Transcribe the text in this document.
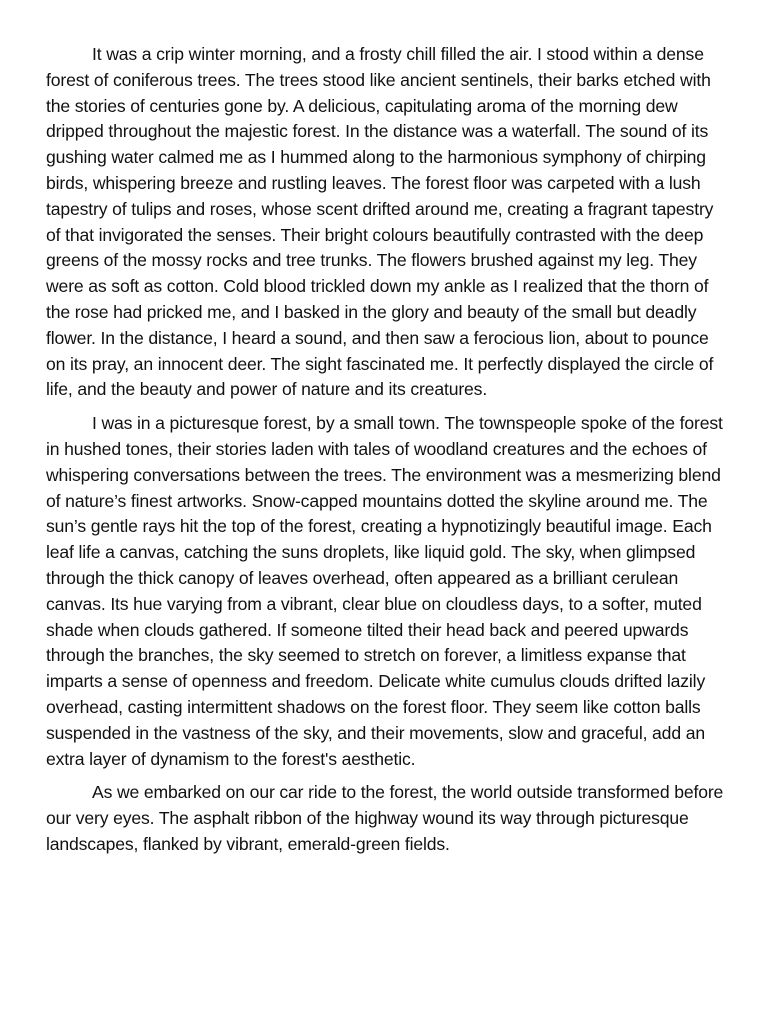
It was a crip winter morning, and a frosty chill filled the air. I stood within a dense forest of coniferous trees. The trees stood like ancient sentinels, their barks etched with the stories of centuries gone by. A delicious, capitulating aroma of the morning dew dripped throughout the majestic forest. In the distance was a waterfall. The sound of its gushing water calmed me as I hummed along to the harmonious symphony of chirping birds, whispering breeze and rustling leaves. The forest floor was carpeted with a lush tapestry of tulips and roses, whose scent drifted around me, creating a fragrant tapestry of that invigorated the senses. Their bright colours beautifully contrasted with the deep greens of the mossy rocks and tree trunks. The flowers brushed against my leg. They were as soft as cotton. Cold blood trickled down my ankle as I realized that the thorn of the rose had pricked me, and I basked in the glory and beauty of the small but deadly flower. In the distance, I heard a sound, and then saw a ferocious lion, about to pounce on its pray, an innocent deer. The sight fascinated me. It perfectly displayed the circle of life, and the beauty and power of nature and its creatures.

I was in a picturesque forest, by a small town. The townspeople spoke of the forest in hushed tones, their stories laden with tales of woodland creatures and the echoes of whispering conversations between the trees. The environment was a mesmerizing blend of nature’s finest artworks. Snow-capped mountains dotted the skyline around me. The sun’s gentle rays hit the top of the forest, creating a hypnotizingly beautiful image. Each leaf life a canvas, catching the suns droplets, like liquid gold. The sky, when glimpsed through the thick canopy of leaves overhead, often appeared as a brilliant cerulean canvas. Its hue varying from a vibrant, clear blue on cloudless days, to a softer, muted shade when clouds gathered. If someone tilted their head back and peered upwards through the branches, the sky seemed to stretch on forever, a limitless expanse that imparts a sense of openness and freedom. Delicate white cumulus clouds drifted lazily overhead, casting intermittent shadows on the forest floor. They seem like cotton balls suspended in the vastness of the sky, and their movements, slow and graceful, add an extra layer of dynamism to the forest's aesthetic.

As we embarked on our car ride to the forest, the world outside transformed before our very eyes. The asphalt ribbon of the highway wound its way through picturesque landscapes, flanked by vibrant, emerald-green fields.
